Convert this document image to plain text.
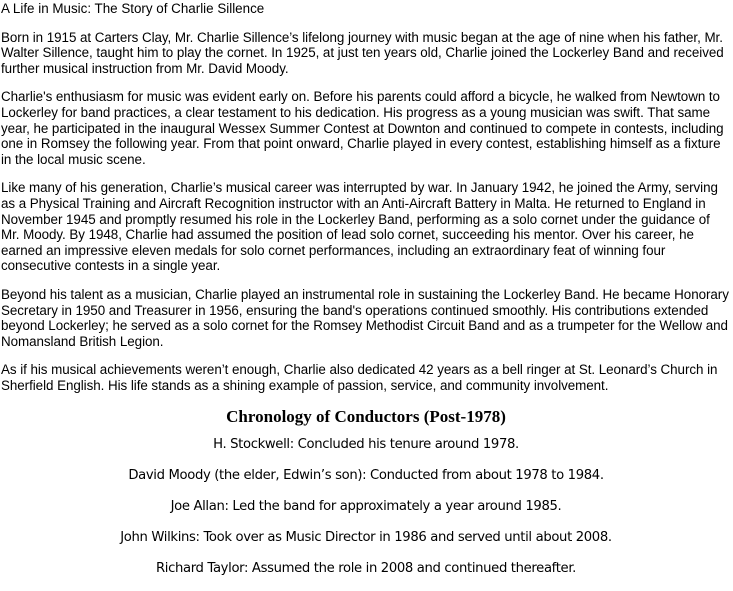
A Life in Music: The Story of Charlie Sillence

Born in 1915 at Carters Clay, Mr. Charlie Sillence’s lifelong journey with music began at the age of nine when his father, Mr. Walter Sillence, taught him to play the cornet. In 1925, at just ten years old, Charlie joined the Lockerley Band and received further musical instruction from Mr. David Moody.

Charlie's enthusiasm for music was evident early on. Before his parents could afford a bicycle, he walked from Newtown to Lockerley for band practices, a clear testament to his dedication. His progress as a young musician was swift. That same year, he participated in the inaugural Wessex Summer Contest at Downton and continued to compete in contests, including one in Romsey the following year. From that point onward, Charlie played in every contest, establishing himself as a fixture in the local music scene.

Like many of his generation, Charlie’s musical career was interrupted by war. In January 1942, he joined the Army, serving as a Physical Training and Aircraft Recognition instructor with an Anti-Aircraft Battery in Malta. He returned to England in November 1945 and promptly resumed his role in the Lockerley Band, performing as a solo cornet under the guidance of Mr. Moody. By 1948, Charlie had assumed the position of lead solo cornet, succeeding his mentor. Over his career, he earned an impressive eleven medals for solo cornet performances, including an extraordinary feat of winning four consecutive contests in a single year.

Beyond his talent as a musician, Charlie played an instrumental role in sustaining the Lockerley Band. He became Honorary Secretary in 1950 and Treasurer in 1956, ensuring the band's operations continued smoothly. His contributions extended beyond Lockerley; he served as a solo cornet for the Romsey Methodist Circuit Band and as a trumpeter for the Wellow and Nomansland British Legion.

As if his musical achievements weren’t enough, Charlie also dedicated 42 years as a bell ringer at St. Leonard’s Church in Sherfield English. His life stands as a shining example of passion, service, and community involvement.

Chronology of Conductors (Post-1978)
H. Stockwell: Concluded his tenure around 1978.
David Moody (the elder, Edwin’s son): Conducted from about 1978 to 1984.
Joe Allan: Led the band for approximately a year around 1985.
John Wilkins: Took over as Music Director in 1986 and served until about 2008.
Richard Taylor: Assumed the role in 2008 and continued thereafter.
